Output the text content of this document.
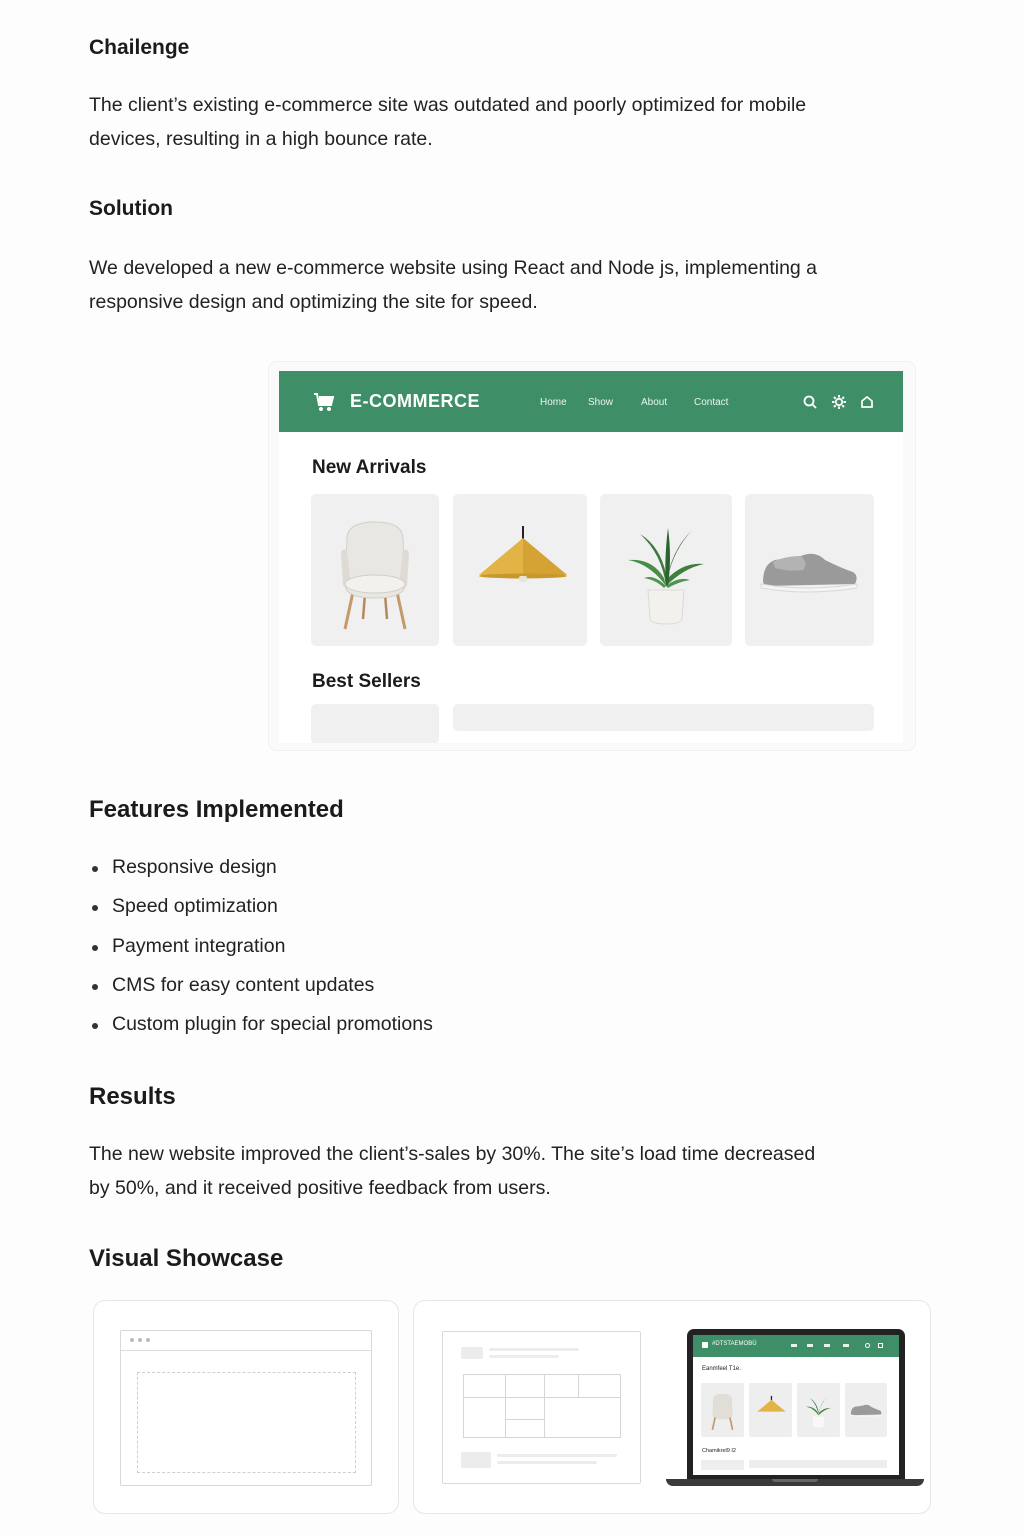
Chailenge
The client’s existing e-commerce site was outdated and poorly optimized for mobile
devices, resulting in a high bounce rate.
Solution
We developed a new e-commerce website using React and Node js, implementing a
responsive design and optimizing the site for speed.
E-COMMERCE	Home Show	About	Contact
New Arrivals
Best Sellers
Features Implemented
Responsive design
Speed optimization
Payment integration
CMS for easy content updates
Custom plugin for special promotions
Results
The new website improved the client’s-sales by 30%. The site’s load time decreased
by 50%, and it received positive feedback from users.
Visual Showcase
#DTSTAEMOBÜ
Eanmfeel T1e.
Chamikrel9 I2
